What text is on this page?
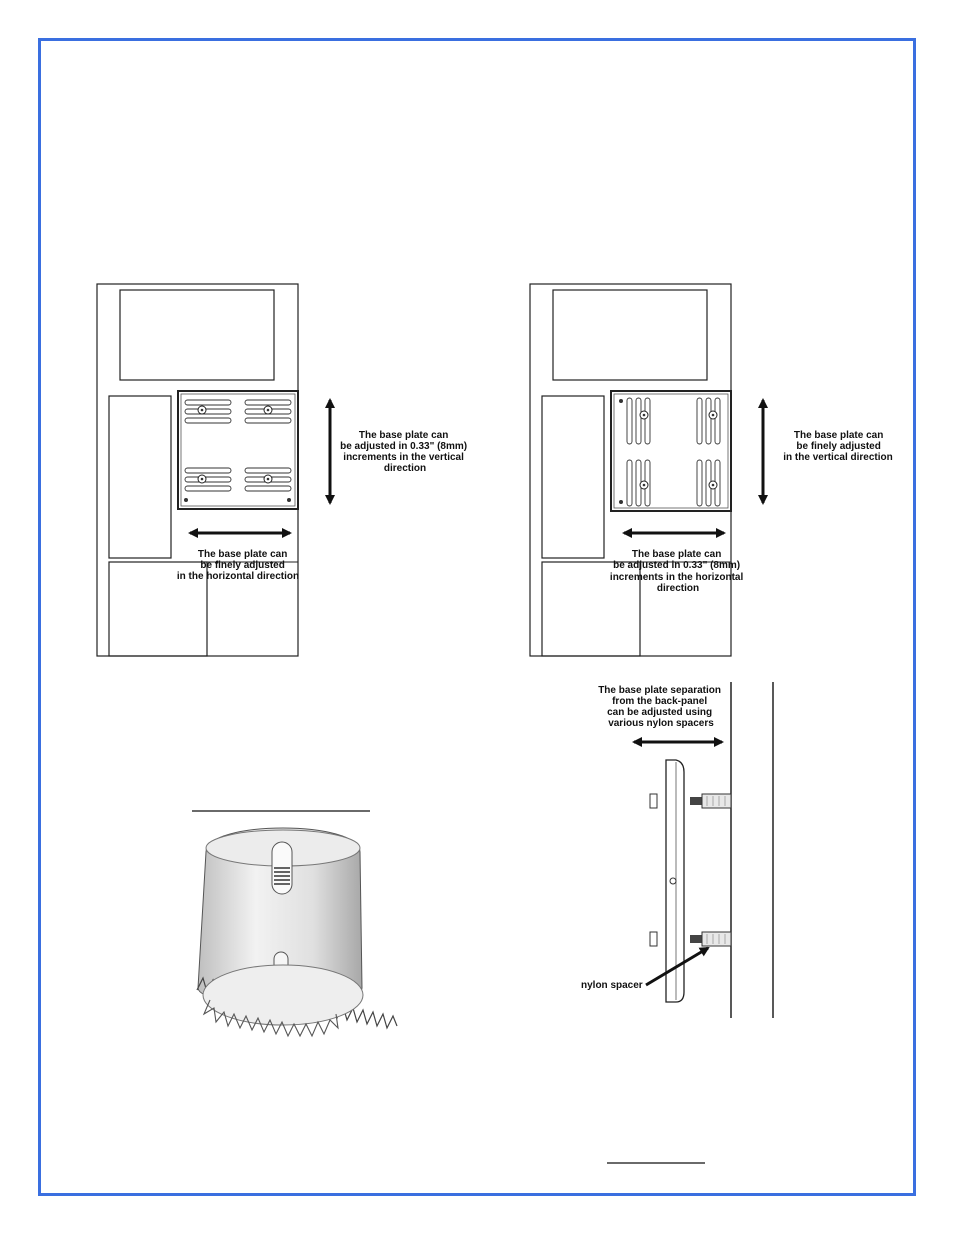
The base plate can be adjusted in 0.33" (8mm) increments in the vertical direction
The base plate can be finely adjusted in the horizontal direction
The base plate can be finely adjusted in the vertical direction
The base plate can be adjusted in 0.33" (8mm) increments in the horizontal direction
The base plate separation from the back-panel can be adjusted using various nylon spacers
nylon spacer
